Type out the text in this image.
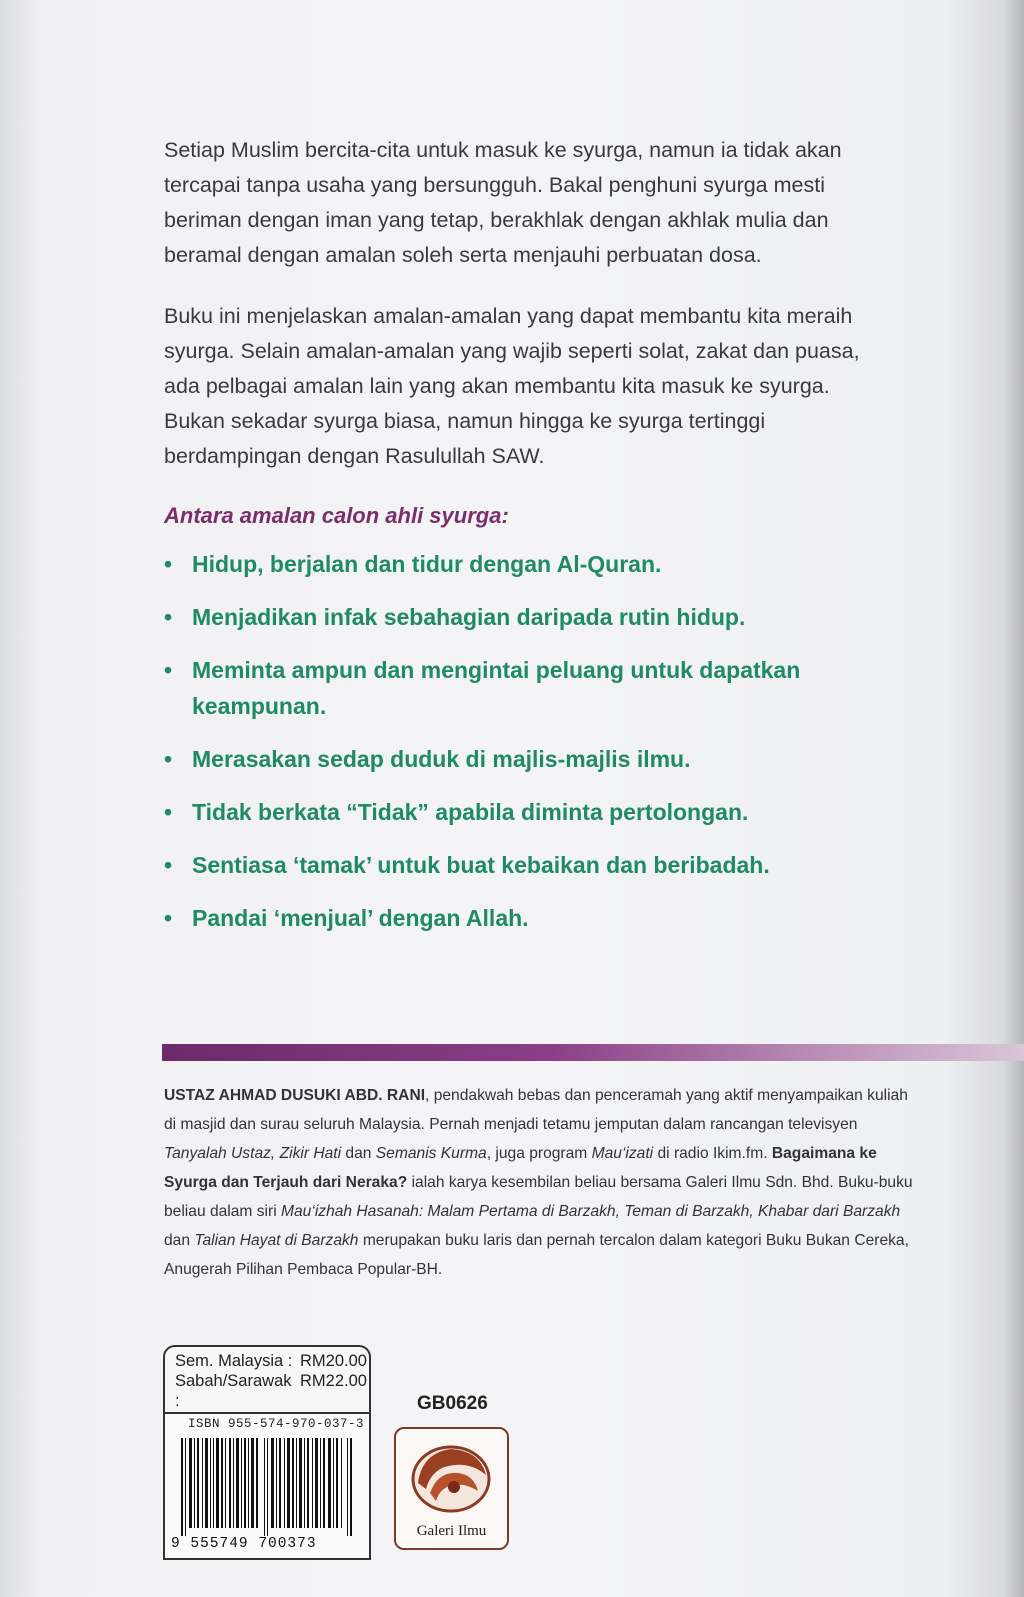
Setiap Muslim bercita-cita untuk masuk ke syurga, namun ia tidak akan tercapai tanpa usaha yang bersungguh. Bakal penghuni syurga mesti beriman dengan iman yang tetap, berakhlak dengan akhlak mulia dan beramal dengan amalan soleh serta menjauhi perbuatan dosa.

Buku ini menjelaskan amalan-amalan yang dapat membantu kita meraih syurga. Selain amalan-amalan yang wajib seperti solat, zakat dan puasa, ada pelbagai amalan lain yang akan membantu kita masuk ke syurga. Bukan sekadar syurga biasa, namun hingga ke syurga tertinggi berdampingan dengan Rasulullah SAW.

Antara amalan calon ahli syurga:
• Hidup, berjalan dan tidur dengan Al-Quran.
• Menjadikan infak sebahagian daripada rutin hidup.
• Meminta ampun dan mengintai peluang untuk dapatkan keampunan.
• Merasakan sedap duduk di majlis-majlis ilmu.
• Tidak berkata “Tidak” apabila diminta pertolongan.
• Sentiasa ‘tamak’ untuk buat kebaikan dan beribadah.
• Pandai ‘menjual’ dengan Allah.

USTAZ AHMAD DUSUKI ABD. RANI, pendakwah bebas dan penceramah yang aktif menyampaikan kuliah di masjid dan surau seluruh Malaysia. Pernah menjadi tetamu jemputan dalam rancangan televisyen Tanyalah Ustaz, Zikir Hati dan Semanis Kurma, juga program Mau‘izati di radio Ikim.fm. Bagaimana ke Syurga dan Terjauh dari Neraka? ialah karya kesembilan beliau bersama Galeri Ilmu Sdn. Bhd. Buku-buku beliau dalam siri Mau‘izhah Hasanah: Malam Pertama di Barzakh, Teman di Barzakh, Khabar dari Barzakh dan Talian Hayat di Barzakh merupakan buku laris dan pernah tercalon dalam kategori Buku Bukan Cereka, Anugerah Pilihan Pembaca Popular-BH.

Sem. Malaysia : RM20.00
Sabah/Sarawak :
RM22.00
ISBN 955-574-970-037-3
9 555749 700373
GB0626
Galeri Ilmu
